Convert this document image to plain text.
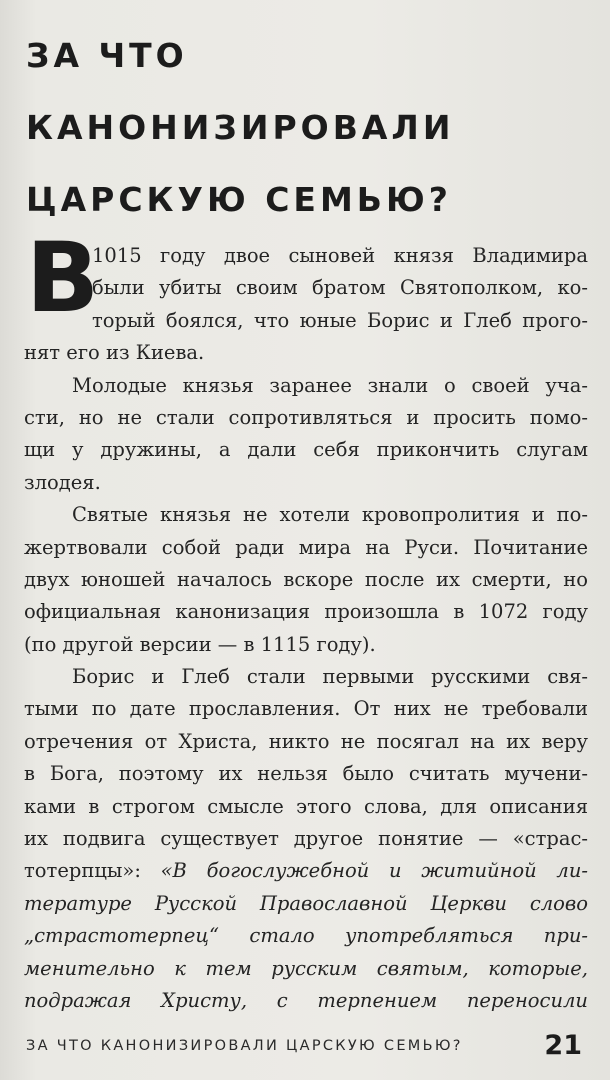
ЗА ЧТО КАНОНИЗИРОВАЛИ
ЦАРСКУЮ СЕМЬЮ?
В
1015 году двое сыновей князя Владимира
были убиты своим братом Святополком, ко-
торый боялся, что юные Борис и Глеб прого-
нят его из Киева.
Молодые князья заранее знали о своей уча-
сти, но не стали сопротивляться и просить помо-
щи у дружины, а дали себя прикончить слугам
злодея.
Святые князья не хотели кровопролития и по-
жертвовали собой ради мира на Руси. Почитание
двух юношей началось вскоре после их смерти, но
официальная канонизация произошла в 1072 году
(по другой версии — в 1115 году).
Борис и Глеб стали первыми русскими свя-
тыми по дате прославления. От них не требовали
отречения от Христа, никто не посягал на их веру
в Бога, поэтому их нельзя было считать мучени-
ками в строгом смысле этого слова, для описания
их подвига существует другое понятие — «страс-
тотерпцы»: «В богослужебной и житийной ли-
тературе Русской Православной Церкви слово
„страстотерпец“ стало употребляться при-
менительно к тем русским святым, которые,
подражая Христу, с терпением переносили
ЗА ЧТО КАНОНИЗИРОВАЛИ ЦАРСКУЮ СЕМЬЮ?	21
